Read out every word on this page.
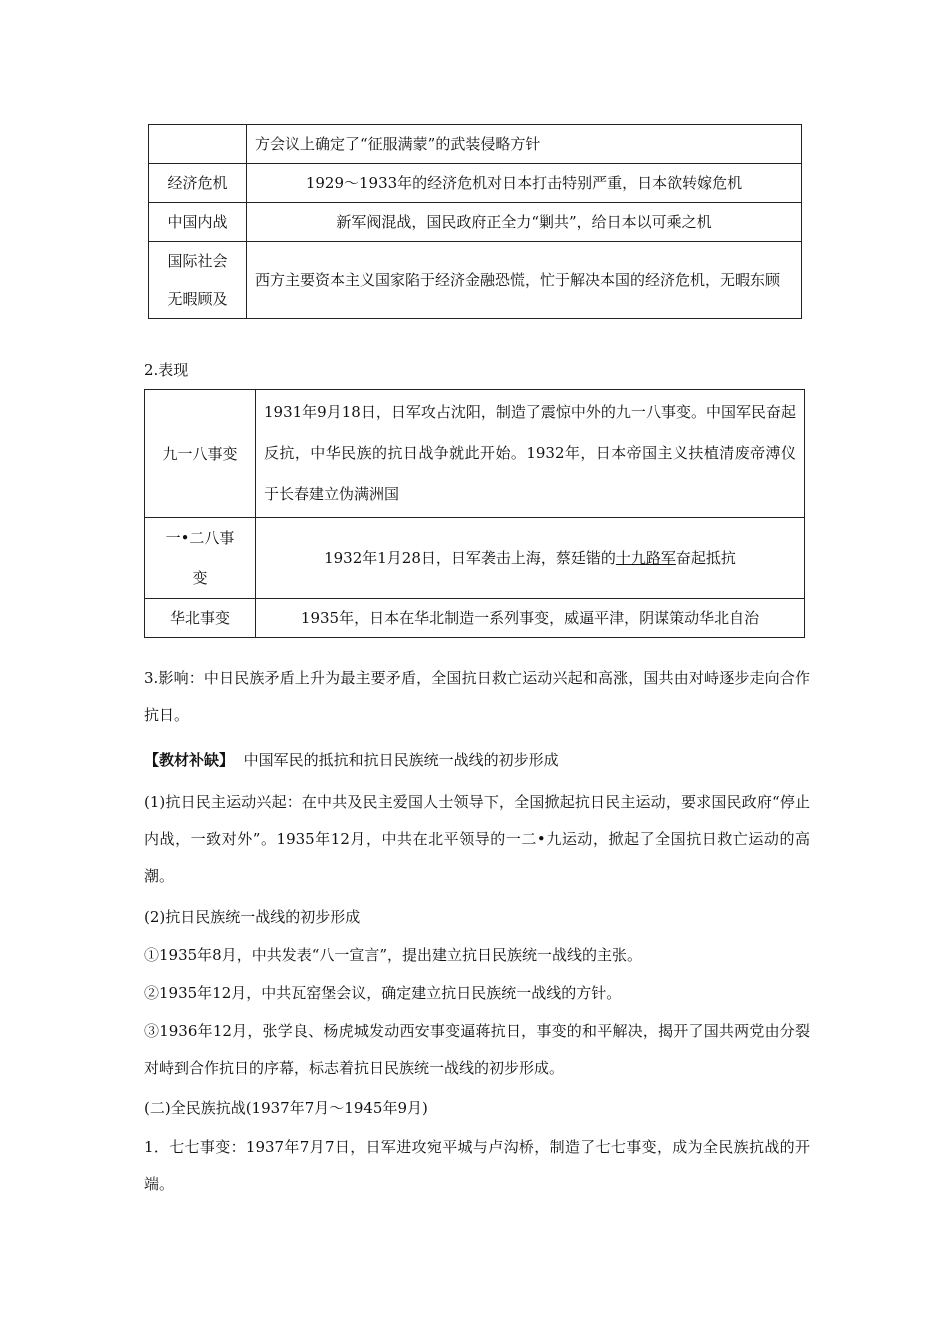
	方会议上确定了“征服满蒙”的武装侵略方针
经济危机	1929～1933年的经济危机对日本打击特别严重，日本欲转嫁危机
中国内战	新军阀混战，国民政府正全力“剿共”，给日本以可乘之机
国际社会无暇顾及	西方主要资本主义国家陷于经济金融恐慌，忙于解决本国的经济危机，无暇东顾

2.表现

九一八事变	1931年9月18日，日军攻占沈阳，制造了震惊中外的九一八事变。中国军民奋起反抗，中华民族的抗日战争就此开始。1932年，日本帝国主义扶植清废帝溥仪于长春建立伪满洲国
一•二八事变	1932年1月28日，日军袭击上海，蔡廷锴的十九路军奋起抵抗
华北事变	1935年，日本在华北制造一系列事变，威逼平津，阴谋策动华北自治

3.影响：中日民族矛盾上升为最主要矛盾，全国抗日救亡运动兴起和高涨，国共由对峙逐步走向合作抗日。

【教材补缺】 中国军民的抵抗和抗日民族统一战线的初步形成

(1)抗日民主运动兴起：在中共及民主爱国人士领导下，全国掀起抗日民主运动，要求国民政府“停止内战，一致对外”。1935年12月，中共在北平领导的一二•九运动，掀起了全国抗日救亡运动的高潮。

(2)抗日民族统一战线的初步形成

①1935年8月，中共发表“八一宣言”，提出建立抗日民族统一战线的主张。

②1935年12月，中共瓦窑堡会议，确定建立抗日民族统一战线的方针。

③1936年12月，张学良、杨虎城发动西安事变逼蒋抗日，事变的和平解决，揭开了国共两党由分裂对峙到合作抗日的序幕，标志着抗日民族统一战线的初步形成。

(二)全民族抗战(1937年7月～1945年9月)

1．七七事变：1937年7月7日，日军进攻宛平城与卢沟桥，制造了七七事变，成为全民族抗战的开端。
